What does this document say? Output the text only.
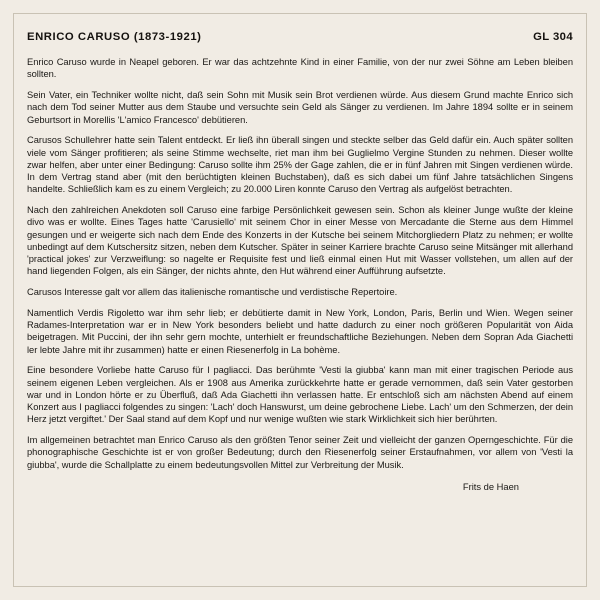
ENRICO CARUSO (1873-1921)	GL 304

Enrico Caruso wurde in Neapel geboren. Er war das achtzehnte Kind in einer Familie, von der nur zwei Söhne am Leben bleiben sollten.

Sein Vater, ein Techniker wollte nicht, daß sein Sohn mit Musik sein Brot verdienen würde. Aus diesem Grund machte Enrico sich nach dem Tod seiner Mutter aus dem Staube und versuchte sein Geld als Sänger zu verdienen. Im Jahre 1894 sollte er in seinem Geburtsort in Morellis 'L'amico Francesco' debütieren.

Carusos Schullehrer hatte sein Talent entdeckt. Er ließ ihn überall singen und steckte selber das Geld dafür ein. Auch später sollten viele vom Sänger profitieren; als seine Stimme wechselte, riet man ihm bei Guglielmo Vergine Stunden zu nehmen. Dieser wollte zwar helfen, aber unter einer Bedingung: Caruso sollte ihm 25% der Gage zahlen, die er in fünf Jahren mit Singen verdienen würde. In dem Vertrag stand aber (mit den berüchtigten kleinen Buchstaben), daß es sich dabei um fünf Jahre tatsächlichen Singens handelte. Schließlich kam es zu einem Vergleich; zu 20.000 Liren konnte Caruso den Vertrag als aufgelöst betrachten.

Nach den zahlreichen Anekdoten soll Caruso eine farbige Persönlichkeit gewesen sein. Schon als kleiner Junge wußte der kleine divo was er wollte. Eines Tages hatte 'Carusiello' mit seinem Chor in einer Messe von Mercadante die Sterne aus dem Himmel gesungen und er weigerte sich nach dem Ende des Konzerts in der Kutsche bei seinem Mitchorgliedern Platz zu nehmen; er wollte unbedingt auf dem Kutschersitz sitzen, neben dem Kutscher. Später in seiner Karriere brachte Caruso seine Mitsänger mit allerhand 'practical jokes' zur Verzweiflung: so nagelte er Requisite fest und ließ einmal einen Hut mit Wasser vollstehen, um allen auf der hand liegenden Folgen, als ein Sänger, der nichts ahnte, den Hut während einer Aufführung aufsetzte.

Carusos Interesse galt vor allem das italienische romantische und verdistische Repertoire.

Namentlich Verdis Rigoletto war ihm sehr lieb; er debütierte damit in New York, London, Paris, Berlin und Wien. Wegen seiner Radames-Interpretation war er in New York besonders beliebt und hatte dadurch zu einer noch größeren Popularität von Aida beigetragen. Mit Puccini, der ihn sehr gern mochte, unterhielt er freundschaftliche Beziehungen. Neben dem Sopran Ada Giachetti ler lebte Jahre mit ihr zusammen) hatte er einen Riesenerfolg in La bohème.

Eine besondere Vorliebe hatte Caruso für I pagliacci. Das berühmte 'Vesti la giubba' kann man mit einer tragischen Periode aus seinem eigenen Leben vergleichen. Als er 1908 aus Amerika zurückkehrte hatte er gerade vernommen, daß sein Vater gestorben war und in London hörte er zu Überfluß, daß Ada Giachetti ihn verlassen hatte. Er entschloß sich am nächsten Abend auf einem Konzert aus I pagliacci folgendes zu singen: 'Lach' doch Hanswurst, um deine gebrochene Liebe. Lach' um den Schmerzen, der dein Herz jetzt vergiftet.' Der Saal stand auf dem Kopf und nur wenige wußten wie stark Wirklichkeit sich hier berührten.

Im allgemeinen betrachtet man Enrico Caruso als den größten Tenor seiner Zeit und vielleicht der ganzen Operngeschichte. Für die phonographische Geschichte ist er von großer Bedeutung; durch den Riesenerfolg seiner Erstaufnahmen, vor allem von 'Vesti la giubba', wurde die Schallplatte zu einem bedeutungsvollen Mittel zur Verbreitung der Musik.

Frits de Haen
